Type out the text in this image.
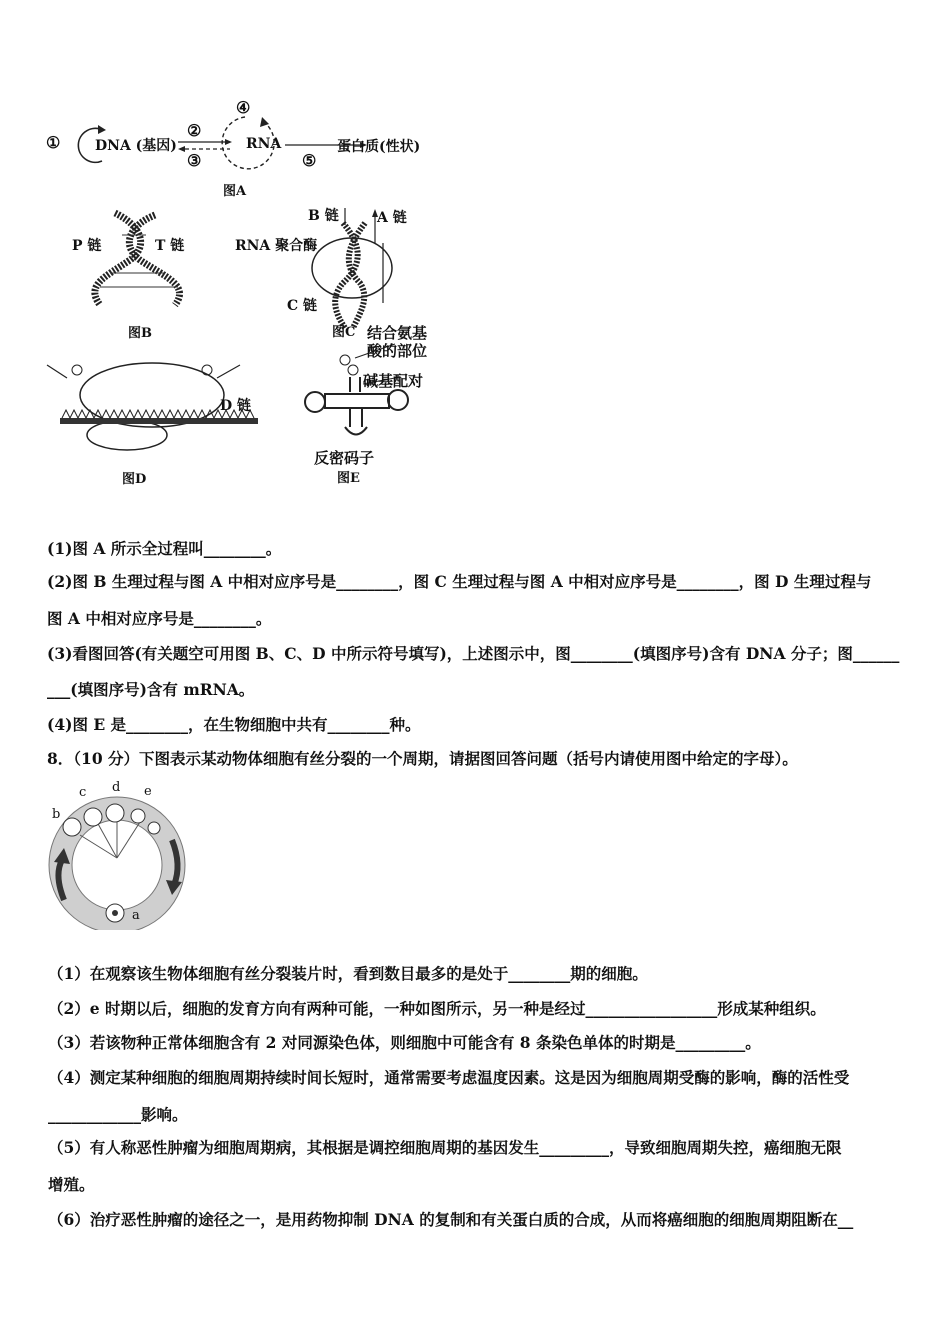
① DNA (基因)
②
③
④
RNA
⑤
蛋白质(性状)
图A
P 链	T 链
图B
B 链	A 链
RNA 聚合酶
C 链
图C
D 链
图D
结合氨基
酸的部位
碱基配对
反密码子
图E
(1)图 A 所示全过程叫________。
(2)图 B 生理过程与图 A 中相对应序号是________，图 C 生理过程与图 A 中相对应序号是________，图 D 生理过程与
图 A 中相对应序号是________。
(3)看图回答(有关题空可用图 B、C、D 中所示符号填写)，上述图示中，图________(填图序号)含有 DNA 分子；图______
___(填图序号)含有 mRNA。
(4)图 E 是________，在生物细胞中共有________种。
8．（10 分）下图表示某动物体细胞有丝分裂的一个周期，请据图回答问题（括号内请使用图中给定的字母）。
b
c d e
a
（1）在观察该生物体细胞有丝分裂装片时，看到数目最多的是处于________期的细胞。
（2）e 时期以后，细胞的发育方向有两种可能，一种如图所示，另一种是经过_________________形成某种组织。
（3）若该物种正常体细胞含有 2 对同源染色体，则细胞中可能含有 8 条染色单体的时期是_________。
（4）测定某种细胞的细胞周期持续时间长短时，通常需要考虑温度因素。这是因为细胞周期受酶的影响，酶的活性受
____________影响。
（5）有人称恶性肿瘤为细胞周期病，其根据是调控细胞周期的基因发生_________，导致细胞周期失控，癌细胞无限
增殖。
（6）治疗恶性肿瘤的途径之一，是用药物抑制 DNA 的复制和有关蛋白质的合成，从而将癌细胞的细胞周期阻断在__
